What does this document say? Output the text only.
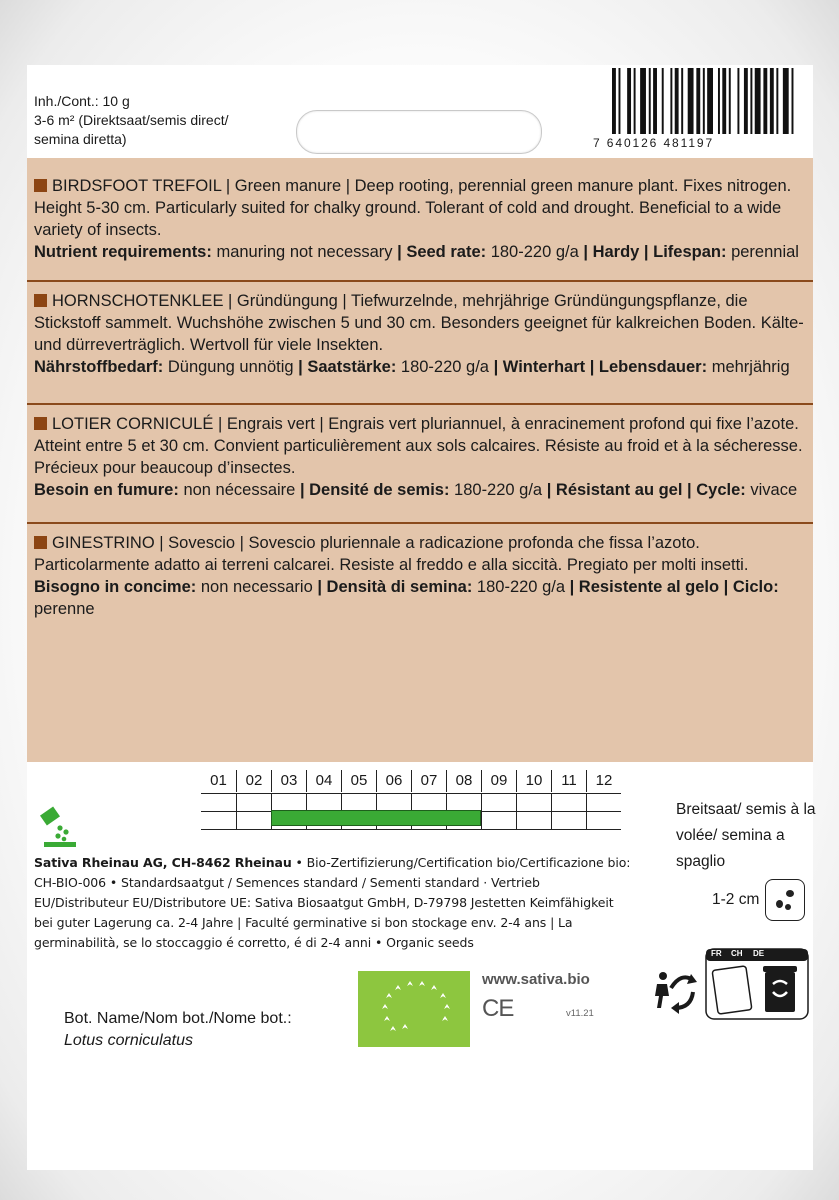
Inh./Cont.: 10 g
3-6 m² (Direktsaat/semis direct/
semina diretta)	7 640126 481197
BIRDSFOOT TREFOIL | Green manure | Deep rooting, perennial green manure plant. Fixes nitrogen. Height 5-30 cm. Particularly suited for chalky ground. Tolerant of cold and drought. Beneficial to a wide variety of insects.
Nutrient requirements: manuring not necessary | Seed rate: 180-220 g/a | Hardy | Lifespan: perennial
HORNSCHOTENKLEE | Gründüngung | Tiefwurzelnde, mehrjährige Gründüngungspflanze, die Stickstoff sammelt. Wuchshöhe zwischen 5 und 30 cm. Besonders geeignet für kalkreichen Boden. Kälte- und dürreverträglich. Wertvoll für viele Insekten.
Nährstoffbedarf: Düngung unnötig | Saatstärke: 180-220 g/a | Winterhart | Lebensdauer: mehrjährig
LOTIER CORNICULÉ | Engrais vert | Engrais vert pluriannuel, à enracinement profond qui fixe l’azote. Atteint entre 5 et 30 cm. Convient particulièrement aux sols calcaires. Résiste au froid et à la sécheresse. Précieux pour beaucoup d’insectes.
Besoin en fumure: non nécessaire | Densité de semis: 180-220 g/a | Résistant au gel | Cycle: vivace
GINESTRINO | Sovescio | Sovescio pluriennale a radicazione profonda che fissa l’azoto. Particolarmente adatto ai terreni calcarei. Resiste al freddo e alla siccità. Pregiato per molti insetti.
Bisogno in concime: non necessario | Densità di semina: 180-220 g/a | Resistente al gelo | Ciclo: perenne
01	02	03	04	05	06	07	08	09	10	11	12
Breitsaat/ semis à la volée/ semina a spaglio
1-2 cm
Sativa Rheinau AG, CH-8462 Rheinau • Bio-Zertifizierung/Certification bio/Certificazione bio: CH-BIO-006 • Standardsaatgut / Semences standard / Sementi standard · Vertrieb EU/Distributeur EU/Distributore UE: Sativa Biosaatgut GmbH, D-79798 Jestetten Keimfähigkeit bei guter Lagerung ca. 2-4 Jahre | Faculté germinative si bon stockage env. 2-4 ans | La germinabilità, se lo stoccaggio é corretto, é di 2-4 anni • Organic seeds
Bot. Name/Nom bot./Nome bot.:
Lotus corniculatus
www.sativa.bio
CE	v11.21
FR CH DE
